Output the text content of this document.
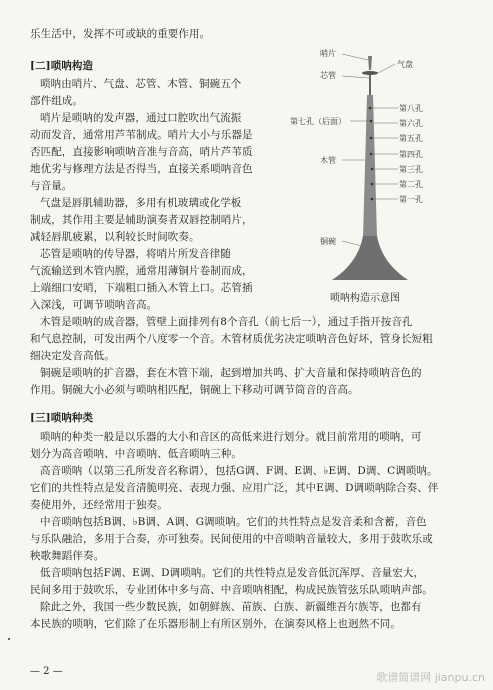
乐生活中，发挥不可或缺的重要作用。
[二]唢呐构造
唢呐由哨片、气盘、芯管、木管、铜碗五个
部件组成。
哨片是唢呐的发声器，通过口腔吹出气流振
动而发音，通常用芦苇制成。哨片大小与乐器是
否匹配，直接影响唢呐音准与音高，哨片芦苇质
地优劣与修理方法是否得当，直接关系唢呐音色
与音量。
气盘是唇肌辅助器，多用有机玻璃或化学板
制成，其作用主要是辅助演奏者双唇控制哨片，
减轻唇肌疲累，以利较长时间吹奏。
芯管是唢呐的传导器，将哨片所发音律随
气流输送到木管内膛，通常用薄铜片卷制而成，
上端细口安哨，下端粗口插入木管上口。芯管插
入深浅，可调节唢呐音高。
木管是唢呐的成音器，管壁上面排列有8个音孔（前七后一），通过手指开按音孔
和气息控制，可发出两个八度零一个音。木管材质优劣决定唢呐音色好坏，管身长短粗
细决定发音高低。
铜碗是唢呐的扩音器，套在木管下端，起到增加共鸣、扩大音量和保持唢呐音色的
作用。铜碗大小必须与唢呐相匹配，铜碗上下移动可调节筒音的音高。
[三]唢呐种类
唢呐的种类一般是以乐器的大小和音区的高低来进行划分。就目前常用的唢呐，可
划分为高音唢呐、中音唢呐、低音唢呐三种。
高音唢呐（以第三孔所发音名称谓），包括G调、F调、E调、♭E调、D调、C调唢呐。
它们的共性特点是发音清脆明亮、表现力强、应用广泛，其中E调、D调唢呐除合奏、伴
奏使用外，还经常用于独奏。
中音唢呐包括B调、♭B调、A调、G调唢呐。它们的共性特点是发音柔和含蓄，音色
与乐队融洽，多用于合奏，亦可独奏。民间使用的中音唢呐音量较大，多用于鼓吹乐或
秧歌舞蹈伴奏。
低音唢呐包括F调、E调、D调唢呐。它们的共性特点是发音低沉浑厚、音量宏大，
民间多用于鼓吹乐，专业团体中多与高、中音唢呐相配，构成民族管弦乐队唢呐声部。
除此之外，我国一些少数民族，如朝鲜族、苗族、白族、新疆维吾尔族等，也都有
本民族的唢呐，它们除了在乐器形制上有所区别外，在演奏风格上也迥然不同。
哨片
芯管
气盘
第七孔（后面）
木管
铜碗
第八孔
第六孔
第五孔
第四孔
第三孔
第二孔
第一孔
唢呐构造示意图
— 2 —	歌谱简谱网 jianpu.cn
